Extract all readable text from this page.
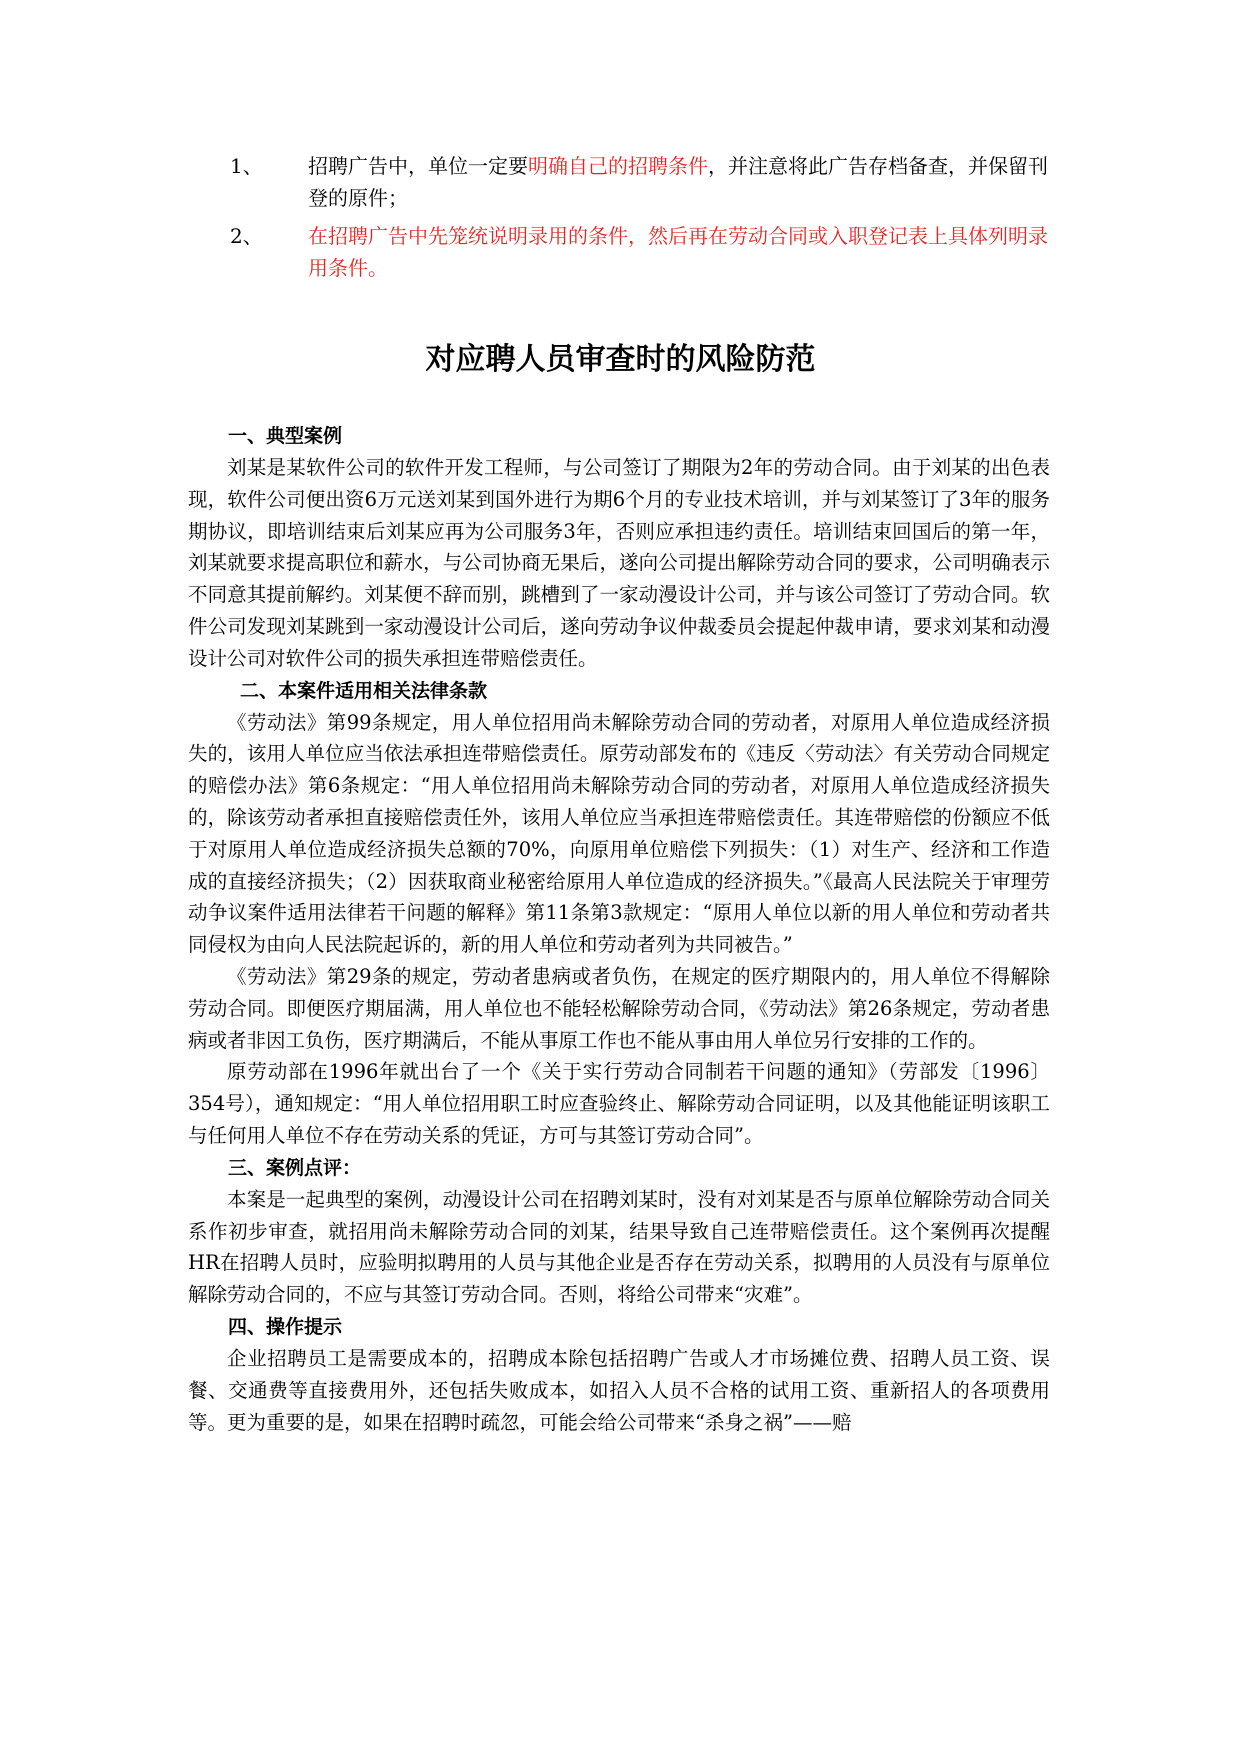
1、	招聘广告中，单位一定要明确自己的招聘条件，并注意将此广告存档备查，并保留刊登的原件；
2、	在招聘广告中先笼统说明录用的条件，然后再在劳动合同或入职登记表上具体列明录用条件。
对应聘人员审查时的风险防范
一、典型案例

刘某是某软件公司的软件开发工程师，与公司签订了期限为2年的劳动合同。由于刘某的出色表现，软件公司便出资6万元送刘某到国外进行为期6个月的专业技术培训，并与刘某签订了3年的服务期协议，即培训结束后刘某应再为公司服务3年，否则应承担违约责任。培训结束回国后的第一年，刘某就要求提高职位和薪水，与公司协商无果后，遂向公司提出解除劳动合同的要求，公司明确表示不同意其提前解约。刘某便不辞而别，跳槽到了一家动漫设计公司，并与该公司签订了劳动合同。软件公司发现刘某跳到一家动漫设计公司后，遂向劳动争议仲裁委员会提起仲裁申请，要求刘某和动漫设计公司对软件公司的损失承担连带赔偿责任。

二、本案件适用相关法律条款

《劳动法》第99条规定，用人单位招用尚未解除劳动合同的劳动者，对原用人单位造成经济损失的，该用人单位应当依法承担连带赔偿责任。原劳动部发布的《违反〈劳动法〉有关劳动合同规定的赔偿办法》第6条规定：“用人单位招用尚未解除劳动合同的劳动者，对原用人单位造成经济损失的，除该劳动者承担直接赔偿责任外，该用人单位应当承担连带赔偿责任。其连带赔偿的份额应不低于对原用人单位造成经济损失总额的70%，向原用单位赔偿下列损失：（1）对生产、经济和工作造成的直接经济损失；（2）因获取商业秘密给原用人单位造成的经济损失。”《最高人民法院关于审理劳动争议案件适用法律若干问题的解释》第11条第3款规定：“原用人单位以新的用人单位和劳动者共同侵权为由向人民法院起诉的，新的用人单位和劳动者列为共同被告。”

《劳动法》第29条的规定，劳动者患病或者负伤，在规定的医疗期限内的，用人单位不得解除劳动合同。即便医疗期届满，用人单位也不能轻松解除劳动合同，《劳动法》第26条规定，劳动者患病或者非因工负伤，医疗期满后，不能从事原工作也不能从事由用人单位另行安排的工作的。

原劳动部在1996年就出台了一个《关于实行劳动合同制若干问题的通知》（劳部发〔1996〕354号），通知规定：“用人单位招用职工时应查验终止、解除劳动合同证明，以及其他能证明该职工与任何用人单位不存在劳动关系的凭证，方可与其签订劳动合同”。

三、案例点评：

本案是一起典型的案例，动漫设计公司在招聘刘某时，没有对刘某是否与原单位解除劳动合同关系作初步审查，就招用尚未解除劳动合同的刘某，结果导致自己连带赔偿责任。这个案例再次提醒HR在招聘人员时，应验明拟聘用的人员与其他企业是否存在劳动关系，拟聘用的人员没有与原单位解除劳动合同的，不应与其签订劳动合同。否则，将给公司带来“灾难”。

四、操作提示

企业招聘员工是需要成本的，招聘成本除包括招聘广告或人才市场摊位费、招聘人员工资、误餐、交通费等直接费用外，还包括失败成本，如招入人员不合格的试用工资、重新招人的各项费用等。更为重要的是，如果在招聘时疏忽，可能会给公司带来“杀身之祸”——赔
